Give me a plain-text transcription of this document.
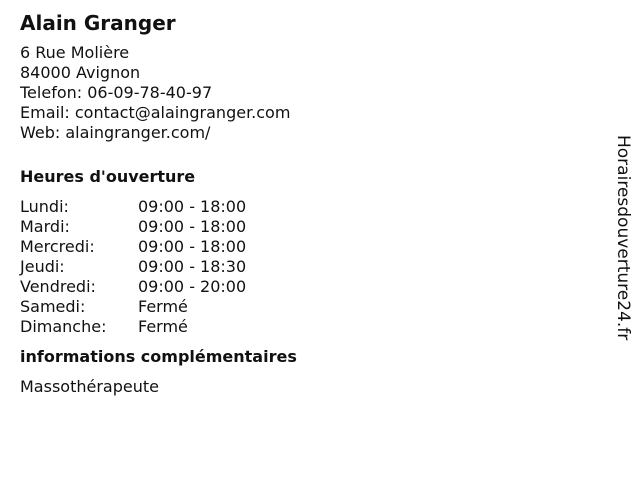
Alain Granger
6 Rue Molière
84000 Avignon
Telefon: 06-09-78-40-97
Email: contact@alaingranger.com
Web: alaingranger.com/
Heures d'ouverture
Lundi:	09:00 - 18:00
Mardi:	09:00 - 18:00
Mercredi:	09:00 - 18:00
Jeudi:	09:00 - 18:30
Vendredi:	09:00 - 20:00
Samedi:	Fermé
Dimanche:	Fermé
informations complémentaires
Massothérapeute
Horairesdouverture24.fr
